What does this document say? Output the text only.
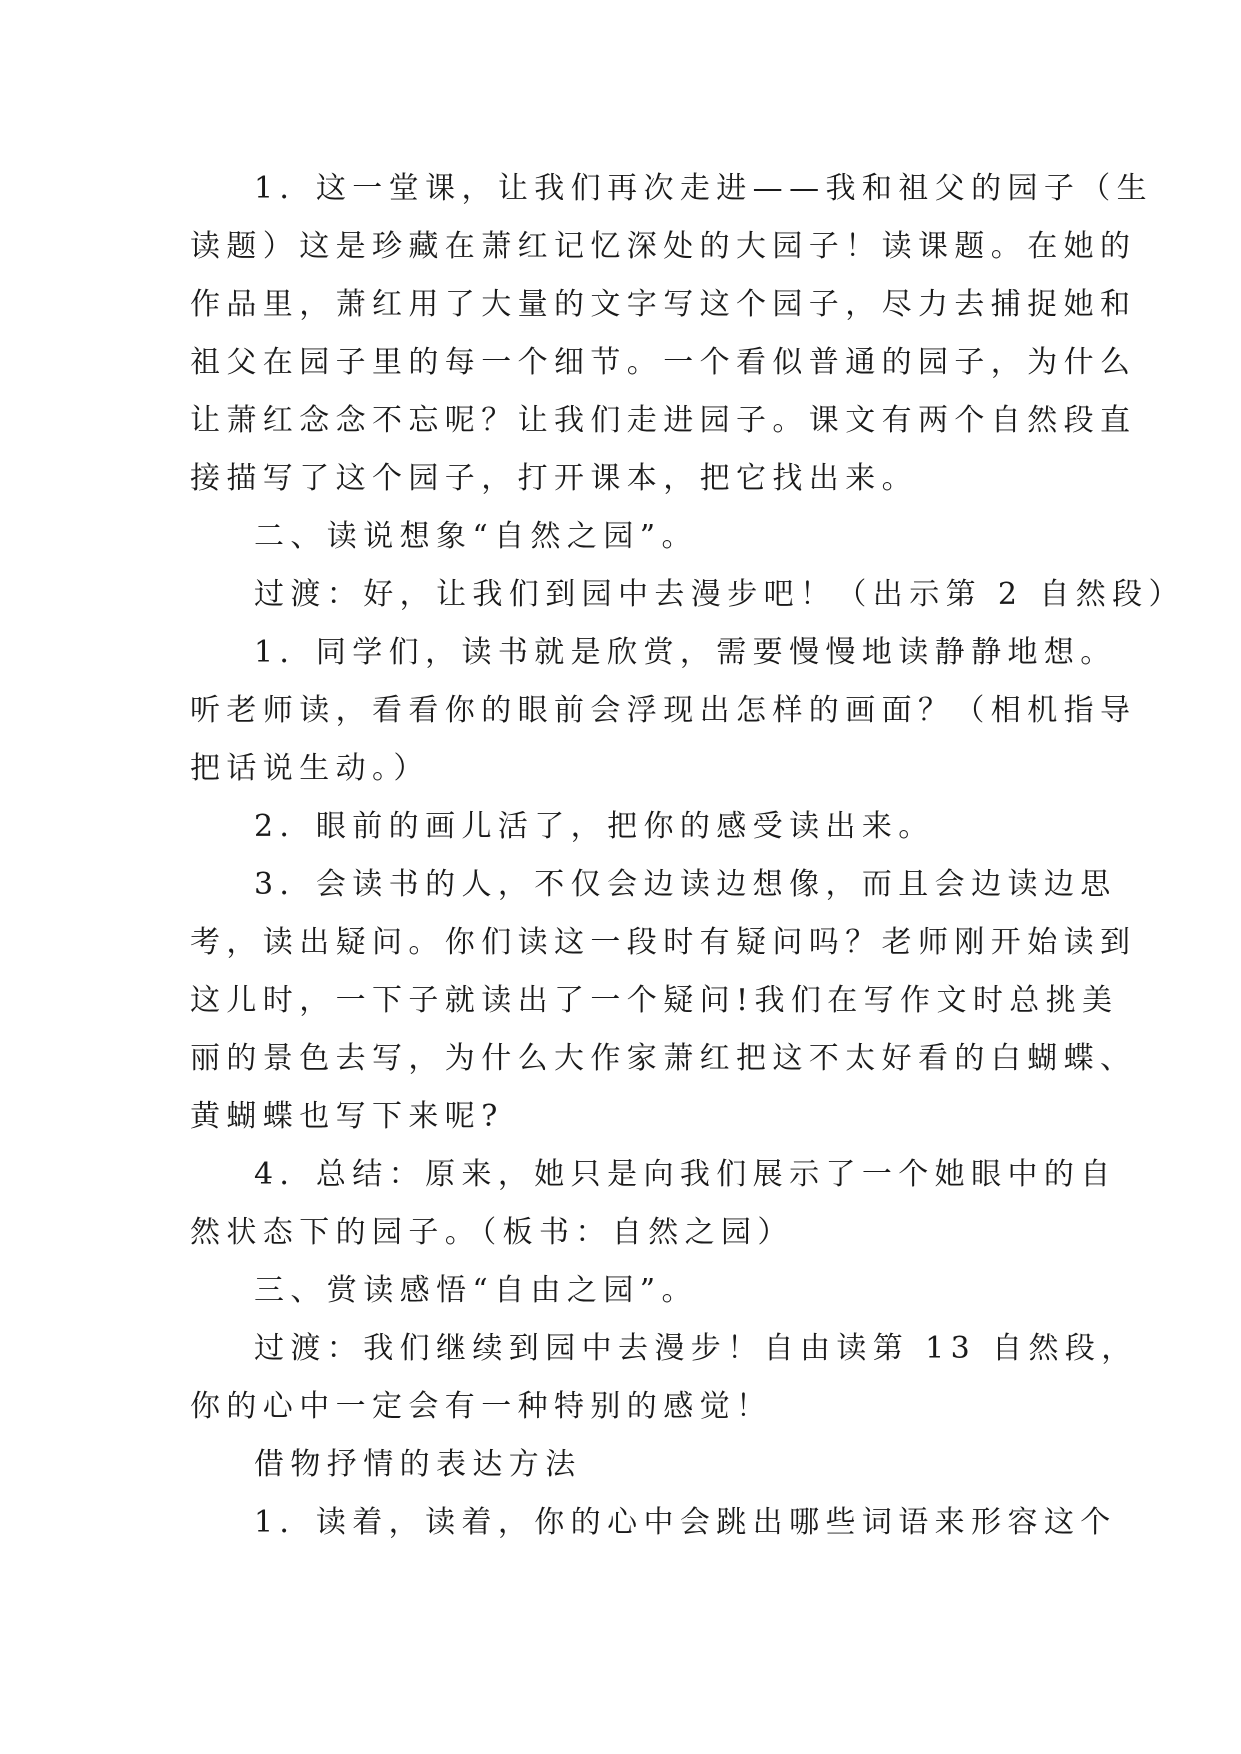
1．这一堂课，让我们再次走进——我和祖父的园子（生
读题）这是珍藏在萧红记忆深处的大园子！读课题。在她的
作品里，萧红用了大量的文字写这个园子，尽力去捕捉她和
祖父在园子里的每一个细节。一个看似普通的园子，为什么
让萧红念念不忘呢？让我们走进园子。课文有两个自然段直
接描写了这个园子，打开课本，把它找出来。
二、读说想象“自然之园”。
过渡：好，让我们到园中去漫步吧！（出示第 2 自然段）
1．同学们，读书就是欣赏，需要慢慢地读静静地想。
听老师读，看看你的眼前会浮现出怎样的画面？（相机指导
把话说生动。）
2．眼前的画儿活了，把你的感受读出来。
3．会读书的人，不仅会边读边想像，而且会边读边思
考，读出疑问。你们读这一段时有疑问吗？老师刚开始读到
这儿时，一下子就读出了一个疑问!我们在写作文时总挑美
丽的景色去写，为什么大作家萧红把这不太好看的白蝴蝶、
黄蝴蝶也写下来呢?
4．总结：原来，她只是向我们展示了一个她眼中的自
然状态下的园子。（板书：自然之园）
三、赏读感悟“自由之园”。
过渡：我们继续到园中去漫步！自由读第 13 自然段，
你的心中一定会有一种特别的感觉！
借物抒情的表达方法
1．读着，读着，你的心中会跳出哪些词语来形容这个
